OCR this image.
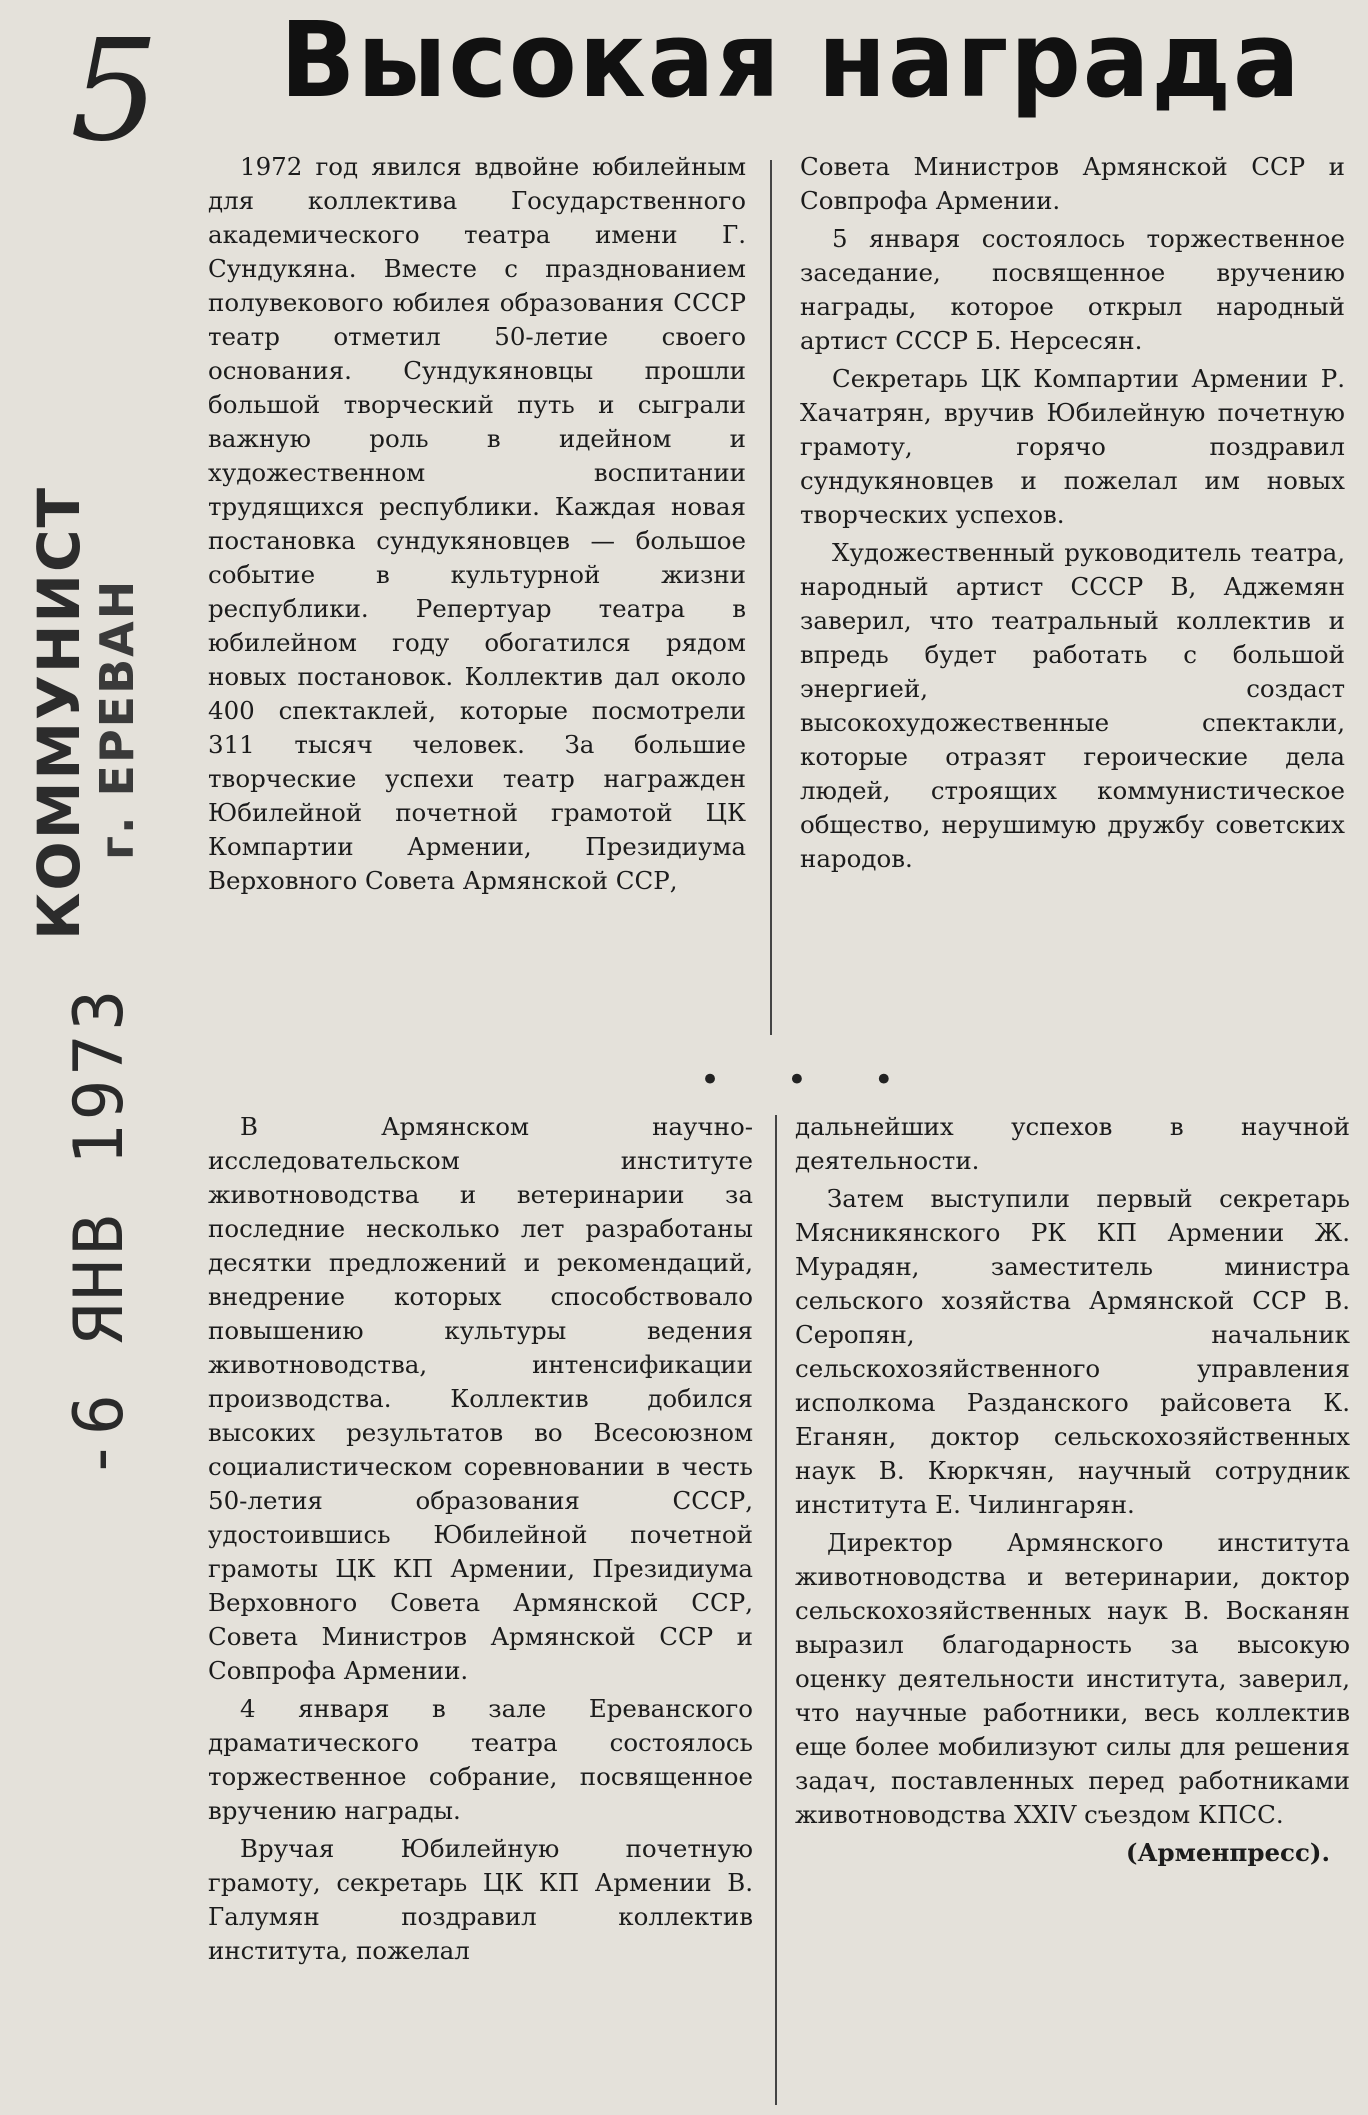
5
КОММУНИСТ
г. ЕРЕВАН
-6 ЯНВ 1973
Высокая награда

1972 год явился вдвойне юбилейным для коллектива Государственного академического театра имени Г. Сундукяна. Вместе с празднованием полувекового юбилея образования СССР театр отметил 50-летие своего основания. Сундукяновцы прошли большой творческий путь и сыграли важную роль в идейном и художественном воспитании трудящихся республики. Каждая новая постановка сундукяновцев — большое событие в культурной жизни республики. Репертуар театра в юбилейном году обогатился рядом новых постановок. Коллектив дал около 400 спектаклей, которые посмотрели 311 тысяч человек. За большие творческие успехи театр награжден Юбилейной почетной грамотой ЦК Компартии Армении, Президиума Верховного Совета Армянской ССР,

Совета Министров Армянской ССР и Совпрофа Армении.

5 января состоялось торжественное заседание, посвященное вручению награды, которое открыл народный артист СССР Б. Нерсесян.

Секретарь ЦК Компартии Армении Р. Хачатрян, вручив Юбилейную почетную грамоту, горячо поздравил сундукяновцев и пожелал им новых творческих успехов.

Художественный руководитель театра, народный артист СССР В, Аджемян заверил, что театральный коллектив и впредь будет работать с большой энергией, создаст высокохудожественные спектакли, которые отразят героические дела людей, строящих коммунистическое общество, нерушимую дружбу советских народов.

• • •

В Армянском научно-исследовательском институте животноводства и ветеринарии за последние несколько лет разработаны десятки предложений и рекомендаций, внедрение которых способствовало повышению культуры ведения животноводства, интенсификации производства. Коллектив добился высоких результатов во Всесоюзном социалистическом соревновании в честь 50-летия образования СССР, удостоившись Юбилейной почетной грамоты ЦК КП Армении, Президиума Верховного Совета Армянской ССР, Совета Министров Армянской ССР и Совпрофа Армении.

4 января в зале Ереванского драматического театра состоялось торжественное собрание, посвященное вручению награды.

Вручая Юбилейную почетную грамоту, секретарь ЦК КП Армении В. Галумян поздравил коллектив института, пожелал

дальнейших успехов в научной деятельности.

Затем выступили первый секретарь Мясникянского РК КП Армении Ж. Мурадян, заместитель министра сельского хозяйства Армянской ССР В. Серопян, начальник сельскохозяйственного управления исполкома Разданского райсовета К. Еганян, доктор сельскохозяйственных наук В. Кюркчян, научный сотрудник института Е. Чилингарян.

Директор Армянского института животноводства и ветеринарии, доктор сельскохозяйственных наук В. Восканян выразил благодарность за высокую оценку деятельности института, заверил, что научные работники, весь коллектив еще более мобилизуют силы для решения задач, поставленных перед работниками животноводства XXIV съездом КПСС.

(Арменпресс).
